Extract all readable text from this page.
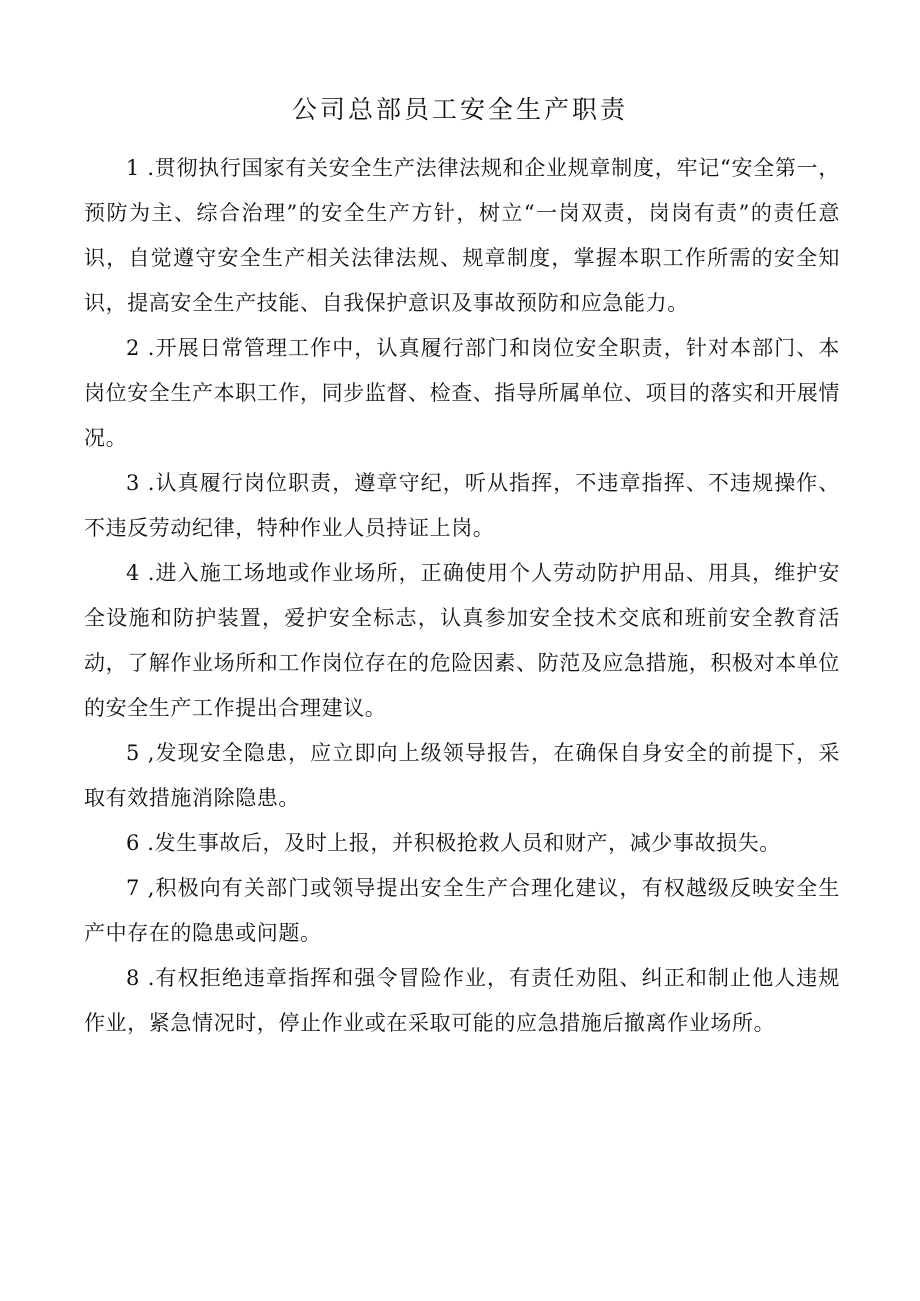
公司总部员工安全生产职责

1 .贯彻执行国家有关安全生产法律法规和企业规章制度，牢记“安全第一，预防为主、综合治理”的安全生产方针，树立“一岗双责，岗岗有责”的责任意识，自觉遵守安全生产相关法律法规、规章制度，掌握本职工作所需的安全知识，提高安全生产技能、自我保护意识及事故预防和应急能力。

2 .开展日常管理工作中，认真履行部门和岗位安全职责，针对本部门、本岗位安全生产本职工作，同步监督、检查、指导所属单位、项目的落实和开展情况。

3 .认真履行岗位职责，遵章守纪，听从指挥，不违章指挥、不违规操作、不违反劳动纪律，特种作业人员持证上岗。

4 .进入施工场地或作业场所，正确使用个人劳动防护用品、用具，维护安全设施和防护装置，爱护安全标志，认真参加安全技术交底和班前安全教育活动，了解作业场所和工作岗位存在的危险因素、防范及应急措施，积极对本单位的安全生产工作提出合理建议。

5 ,发现安全隐患，应立即向上级领导报告，在确保自身安全的前提下，采取有效措施消除隐患。

6 .发生事故后，及时上报，并积极抢救人员和财产，减少事故损失。

7 ,积极向有关部门或领导提出安全生产合理化建议，有权越级反映安全生产中存在的隐患或问题。

8 .有权拒绝违章指挥和强令冒险作业，有责任劝阻、纠正和制止他人违规作业，紧急情况时，停止作业或在采取可能的应急措施后撤离作业场所。
